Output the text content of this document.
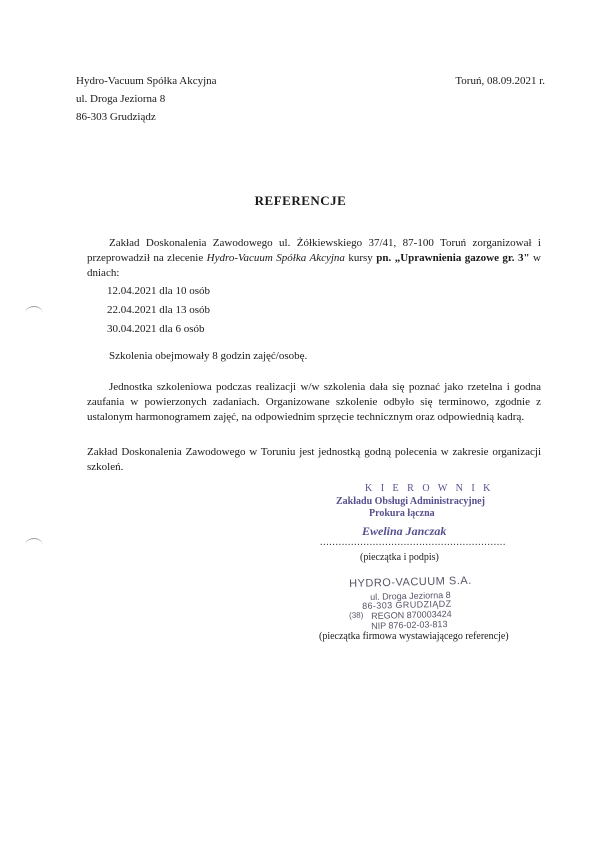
Hydro-Vacuum Spółka Akcyjna
ul. Droga Jeziorna 8
86-303 Grudziądz
Toruń, 08.09.2021 r.
REFERENCJE
Zakład Doskonalenia Zawodowego ul. Żółkiewskiego 37/41, 87-100 Toruń zorganizował i przeprowadził na zlecenie Hydro-Vacuum Spółka Akcyjna kursy pn. „Uprawnienia gazowe gr. 3" w dniach:
12.04.2021 dla 10 osób
22.04.2021 dla 13 osób
30.04.2021 dla 6 osób
Szkolenia obejmowały 8 godzin zajęć/osobę.
Jednostka szkoleniowa podczas realizacji w/w szkolenia dała się poznać jako rzetelna i godna zaufania w powierzonych zadaniach. Organizowane szkolenie odbyło się terminowo, zgodnie z ustalonym harmonogramem zajęć, na odpowiednim sprzęcie technicznym oraz odpowiednią kadrą.
Zakład Doskonalenia Zawodowego w Toruniu jest jednostką godną polecenia w zakresie organizacji szkoleń.
K I E R O W N I K
Zakładu Obsługi Administracyjnej
Prokura łączna
Ewelina Janczak
............................................................
(pieczątka i podpis)
HYDRO-VACUUM S.A.
ul. Droga Jeziorna 8
86-303 GRUDZIĄDZ
(38) REGON 870003424
NIP 876-02-03-813
(pieczątka firmowa wystawiającego referencje)
